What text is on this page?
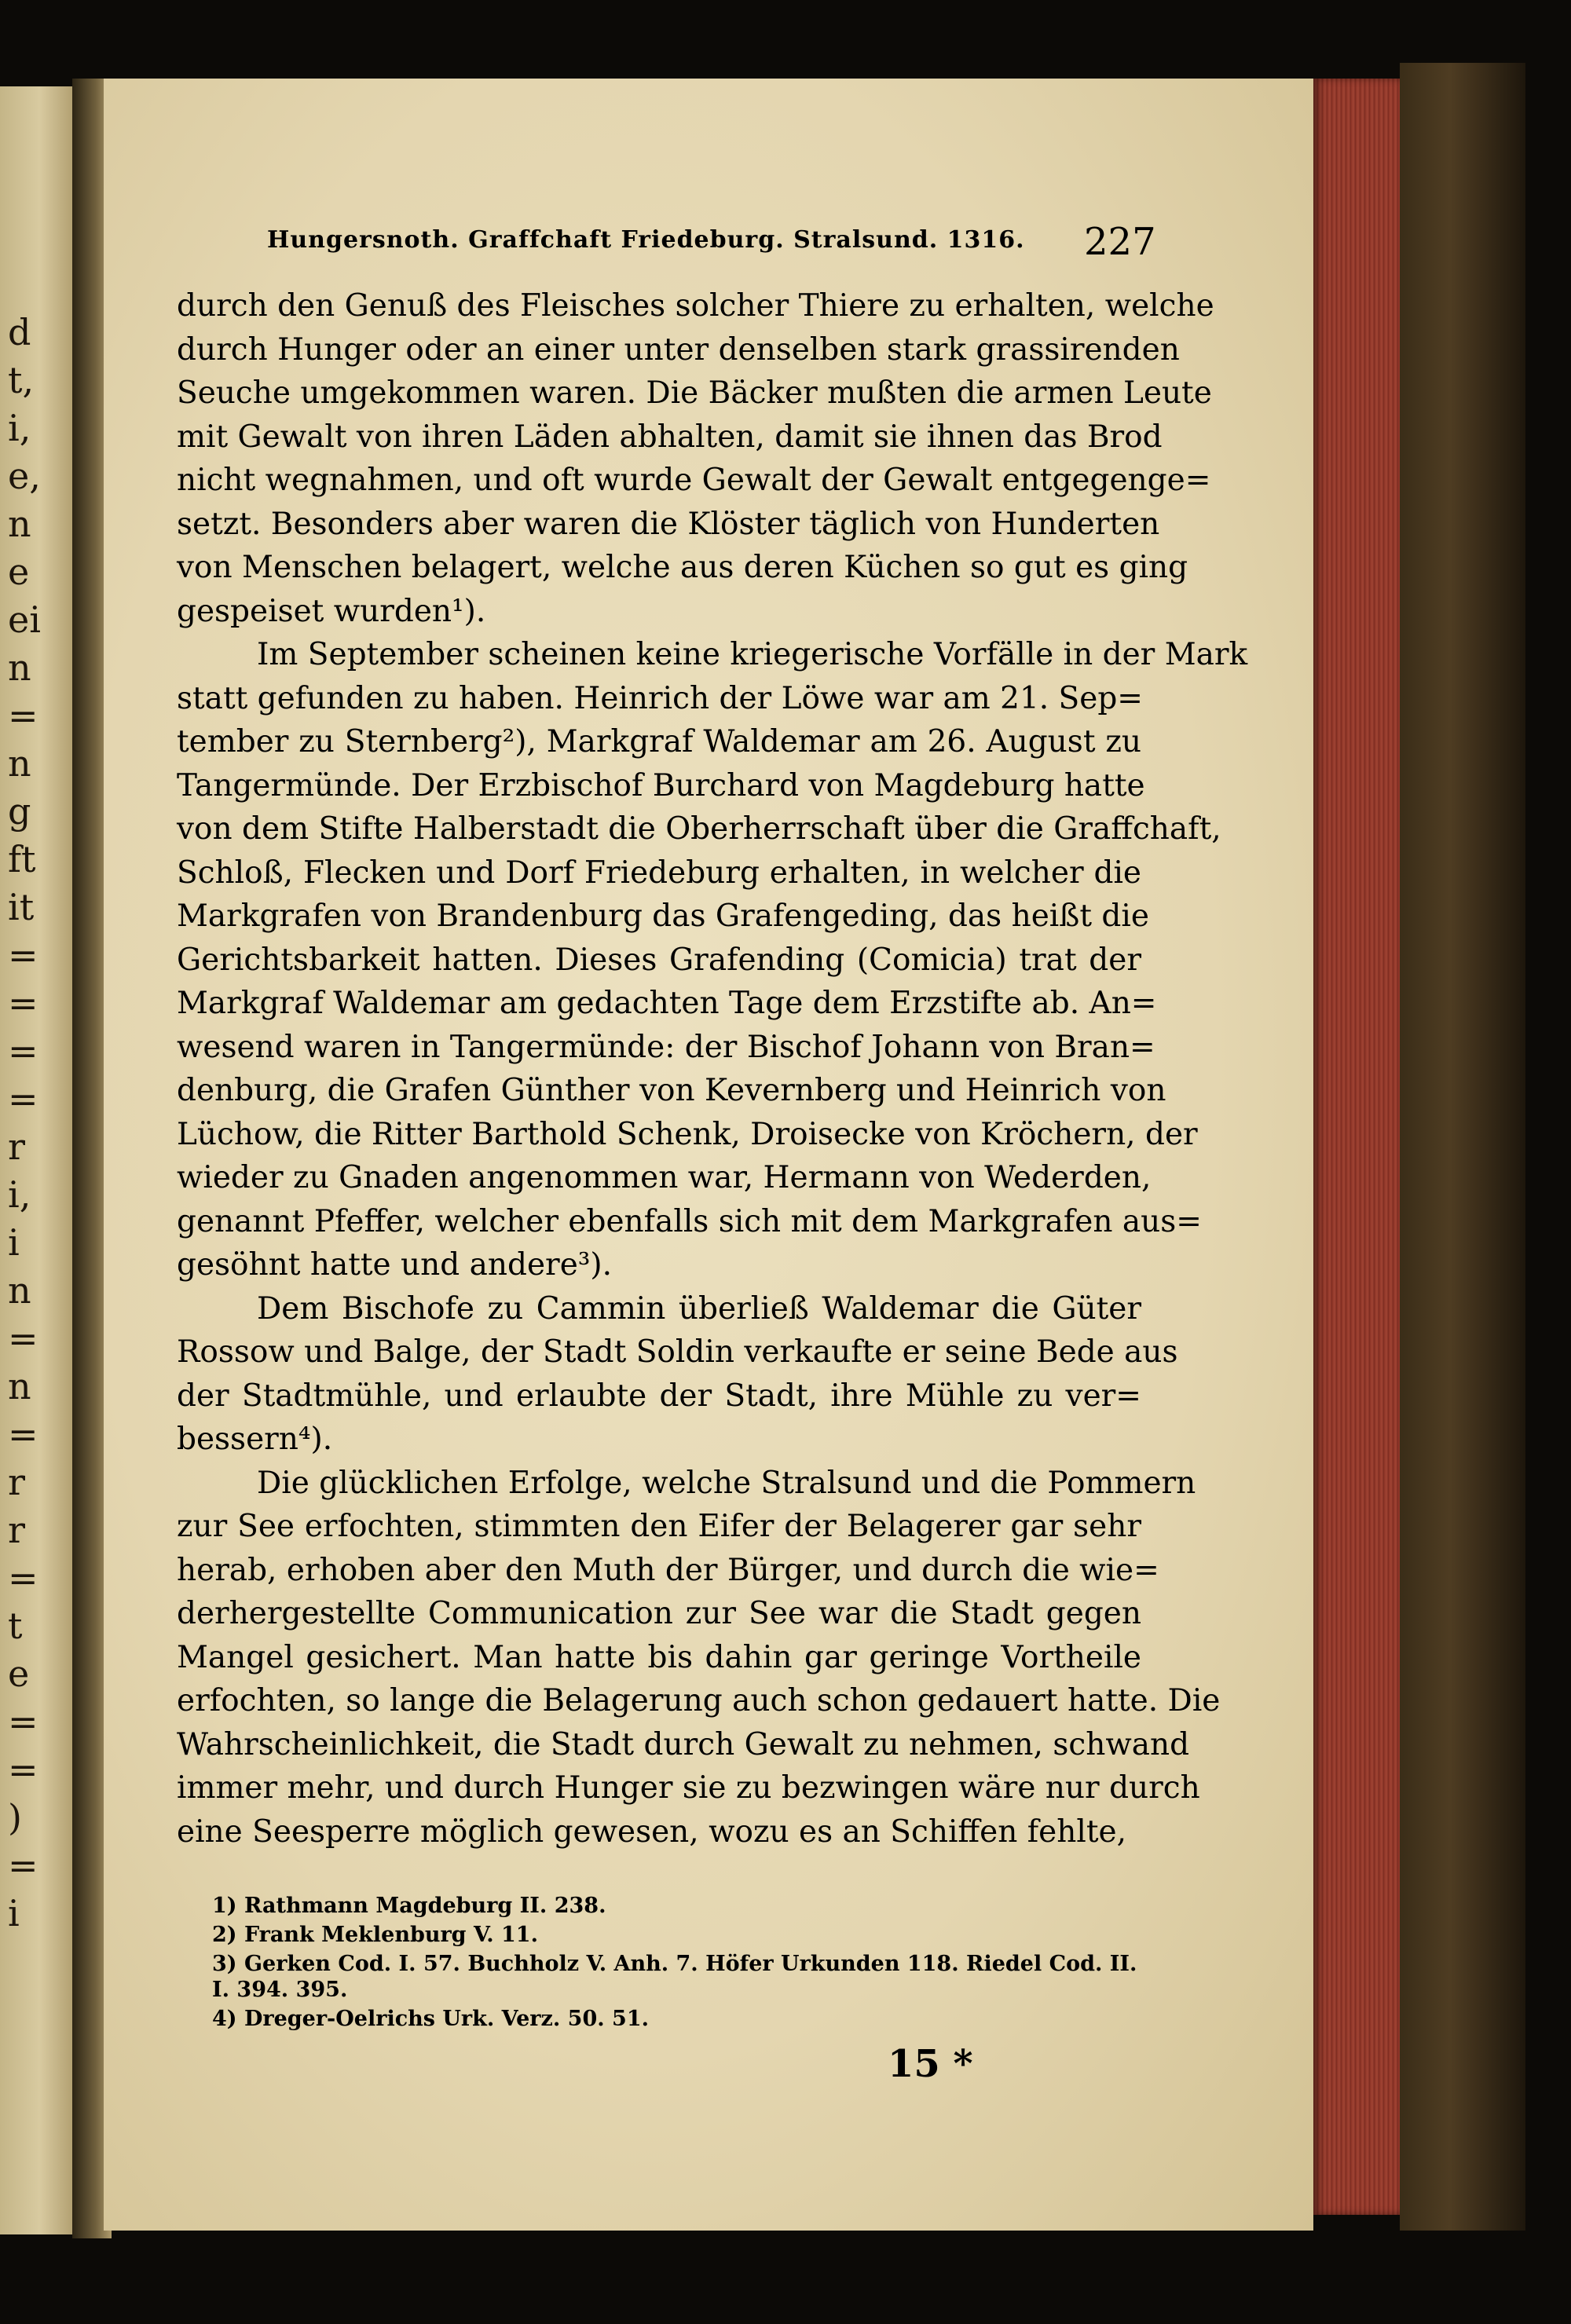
d
t,
i,
e,
n
e
ei
n
=
n
g
ft
it
=
=
=
=
r
i,
i
n
=
n
=
r
r
=
t
e
=
=
)
=
i
Hungersnoth. Graffchaft Friedeburg. Stralsund. 1316. 227
durch den Genuß des Fleisches solcher Thiere zu erhalten, welche
durch Hunger oder an einer unter denselben stark grassirenden
Seuche umgekommen waren. Die Bäcker mußten die armen Leute
mit Gewalt von ihren Läden abhalten, damit sie ihnen das Brod
nicht wegnahmen, und oft wurde Gewalt der Gewalt entgegenge=
setzt. Besonders aber waren die Klöster täglich von Hunderten
von Menschen belagert, welche aus deren Küchen so gut es ging
gespeiset wurden¹).
Im September scheinen keine kriegerische Vorfälle in der Mark
statt gefunden zu haben. Heinrich der Löwe war am 21. Sep=
tember zu Sternberg²), Markgraf Waldemar am 26. August zu
Tangermünde. Der Erzbischof Burchard von Magdeburg hatte
von dem Stifte Halberstadt die Oberherrschaft über die Graffchaft,
Schloß, Flecken und Dorf Friedeburg erhalten, in welcher die
Markgrafen von Brandenburg das Grafengeding, das heißt die
Gerichtsbarkeit hatten. Dieses Grafending (Comicia) trat der
Markgraf Waldemar am gedachten Tage dem Erzstifte ab. An=
wesend waren in Tangermünde: der Bischof Johann von Bran=
denburg, die Grafen Günther von Kevernberg und Heinrich von
Lüchow, die Ritter Barthold Schenk, Droisecke von Kröchern, der
wieder zu Gnaden angenommen war, Hermann von Wederden,
genannt Pfeffer, welcher ebenfalls sich mit dem Markgrafen aus=
gesöhnt hatte und andere³).
Dem Bischofe zu Cammin überließ Waldemar die Güter
Rossow und Balge, der Stadt Soldin verkaufte er seine Bede aus
der Stadtmühle, und erlaubte der Stadt, ihre Mühle zu ver=
bessern⁴).
Die glücklichen Erfolge, welche Stralsund und die Pommern
zur See erfochten, stimmten den Eifer der Belagerer gar sehr
herab, erhoben aber den Muth der Bürger, und durch die wie=
derhergestellte Communication zur See war die Stadt gegen
Mangel gesichert. Man hatte bis dahin gar geringe Vortheile
erfochten, so lange die Belagerung auch schon gedauert hatte. Die
Wahrscheinlichkeit, die Stadt durch Gewalt zu nehmen, schwand
immer mehr, und durch Hunger sie zu bezwingen wäre nur durch
eine Seesperre möglich gewesen, wozu es an Schiffen fehlte,
1) Rathmann Magdeburg II. 238.
2) Frank Meklenburg V. 11.
3) Gerken Cod. I. 57. Buchholz V. Anh. 7. Höfer Urkunden 118. Riedel Cod. II. I. 394. 395.
4) Dreger-Oelrichs Urk. Verz. 50. 51.
15 *
